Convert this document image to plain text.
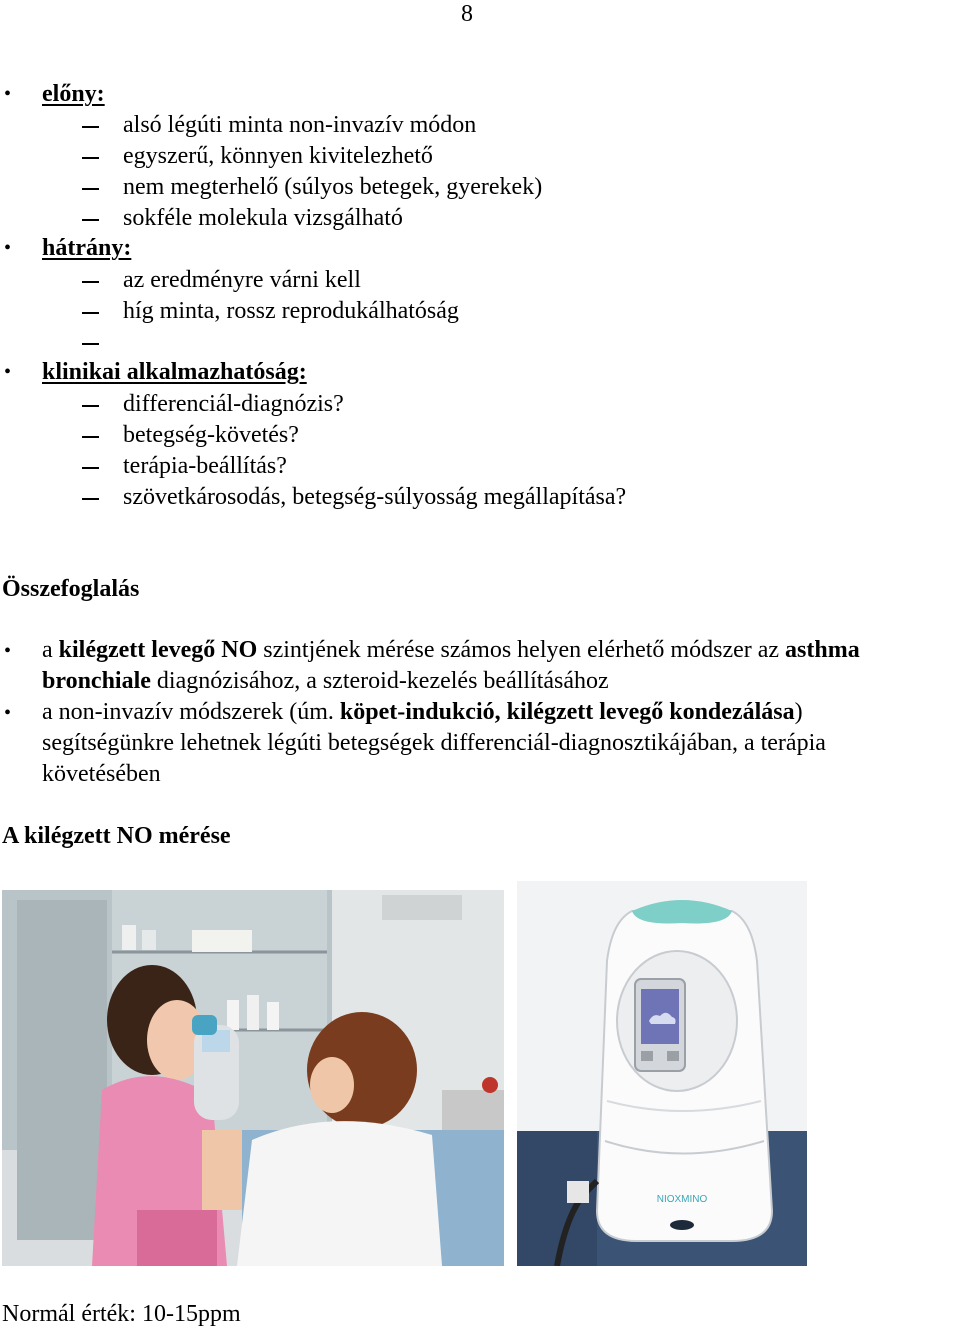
8
• előny:
alsó légúti minta non-invazív módon
egyszerű, könnyen kivitelezhető
nem megterhelő (súlyos betegek, gyerekek)
sokféle molekula vizsgálható
• hátrány:
az eredményre várni kell
híg minta, rossz reprodukálhatóság
• klinikai alkalmazhatóság:
differenciál-diagnózis?
betegség-követés?
terápia-beállítás?
szövetkárosodás, betegség-súlyosság megállapítása?
Összefoglalás
• a kilégzett levegő NO szintjének mérése számos helyen elérhető módszer az asthma
bronchiale diagnózisához, a szteroid-kezelés beállításához
• a non-invazív módszerek (úm. köpet-indukció, kilégzett levegő kondezálása)
segítségünkre lehetnek légúti betegségek differenciál-diagnosztikájában, a terápia
követésében
A kilégzett NO mérése
NIOXMINO
Normál érték: 10-15ppm
